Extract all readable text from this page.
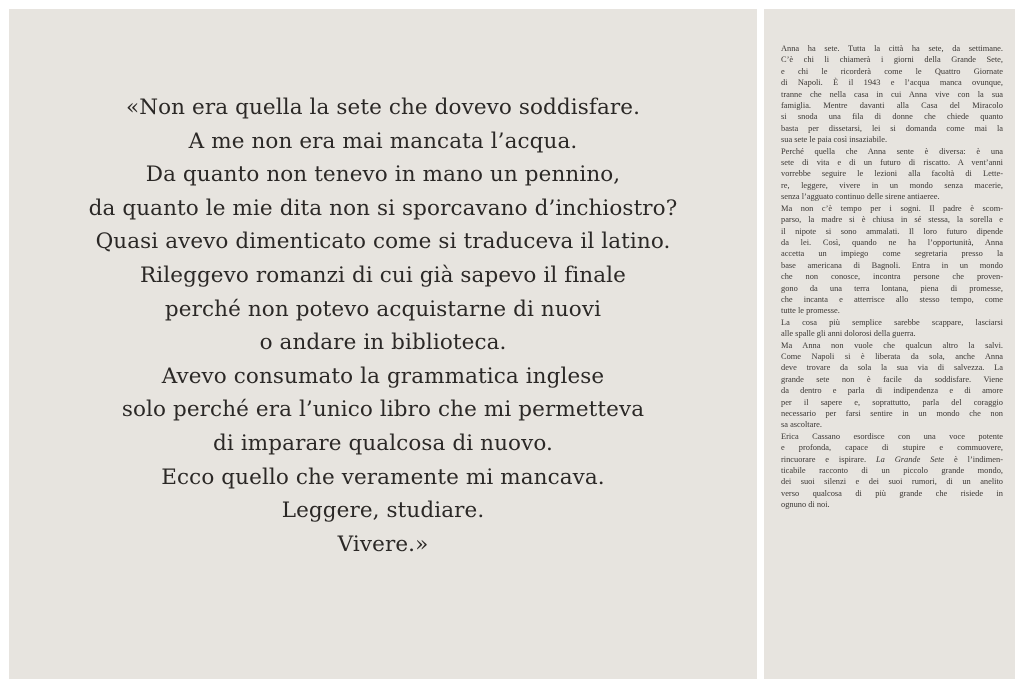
«Non era quella la sete che dovevo soddisfare.
A me non era mai mancata l’acqua.
Da quanto non tenevo in mano un pennino,
da quanto le mie dita non si sporcavano d’inchiostro?
Quasi avevo dimenticato come si traduceva il latino.
Rileggevo romanzi di cui già sapevo il finale
perché non potevo acquistarne di nuovi
o andare in biblioteca.
Avevo consumato la grammatica inglese
solo perché era l’unico libro che mi permetteva
di imparare qualcosa di nuovo.
Ecco quello che veramente mi mancava.
Leggere, studiare.
Vivere.»
Anna ha sete. Tutta la città ha sete, da settimane.
C’è chi li chiamerà i giorni della Grande Sete,
e chi le ricorderà come le Quattro Giornate
di Napoli. È il 1943 e l’acqua manca ovunque,
tranne che nella casa in cui Anna vive con la sua
famiglia. Mentre davanti alla Casa del Miracolo
si snoda una fila di donne che chiede quanto
basta per dissetarsi, lei si domanda come mai la
sua sete le paia così insaziabile.
Perché quella che Anna sente è diversa: è una
sete di vita e di un futuro di riscatto. A vent’anni
vorrebbe seguire le lezioni alla facoltà di Lette-
re, leggere, vivere in un mondo senza macerie,
senza l’agguato continuo delle sirene antiaeree.
Ma non c’è tempo per i sogni. Il padre è scom-
parso, la madre si è chiusa in sé stessa, la sorella e
il nipote si sono ammalati. Il loro futuro dipende
da lei. Così, quando ne ha l’opportunità, Anna
accetta un impiego come segretaria presso la
base americana di Bagnoli. Entra in un mondo
che non conosce, incontra persone che proven-
gono da una terra lontana, piena di promesse,
che incanta e atterrisce allo stesso tempo, come
tutte le promesse.
La cosa più semplice sarebbe scappare, lasciarsi
alle spalle gli anni dolorosi della guerra.
Ma Anna non vuole che qualcun altro la salvi.
Come Napoli si è liberata da sola, anche Anna
deve trovare da sola la sua via di salvezza. La
grande sete non è facile da soddisfare. Viene
da dentro e parla di indipendenza e di amore
per il sapere e, soprattutto, parla del coraggio
necessario per farsi sentire in un mondo che non
sa ascoltare.
Erica Cassano esordisce con una voce potente
e profonda, capace di stupire e commuovere,
rincuorare e ispirare. La Grande Sete è l’indimen-
ticabile racconto di un piccolo grande mondo,
dei suoi silenzi e dei suoi rumori, di un anelito
verso qualcosa di più grande che risiede in
ognuno di noi.
